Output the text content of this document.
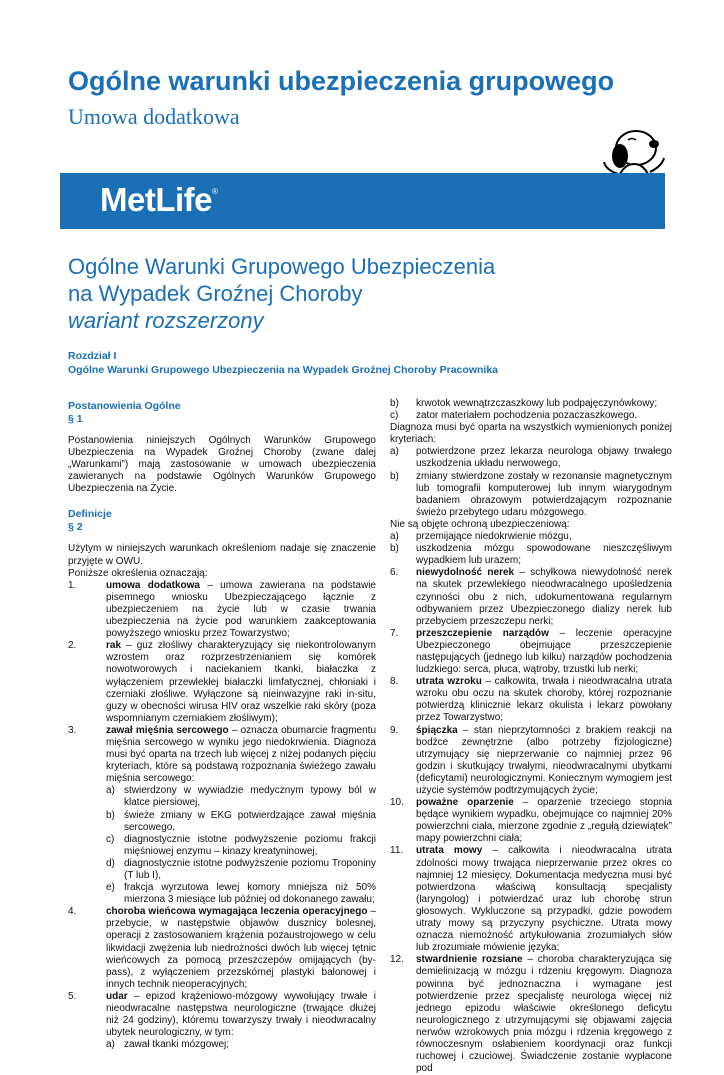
Ogólne warunki ubezpieczenia grupowego
Umowa dodatkowa
MetLife®
Ogólne Warunki Grupowego Ubezpieczenia
na Wypadek Groźnej Choroby
wariant rozszerzony
Rozdział I
Ogólne Warunki Grupowego Ubezpieczenia na Wypadek Groźnej Choroby Pracownika
Postanowienia Ogólne
§ 1

Postanowienia niniejszych Ogólnych Warunków Grupowego Ubezpieczenia na Wypadek Groźnej Choroby (zwane dalej „Warunkami”) mają zastosowanie w umowach ubezpieczenia zawieranych na podstawie Ogólnych Warunków Grupowego Ubezpieczenia na Życie.

Definicje
§ 2

Użytym w niniejszych warunkach określeniom nadaje się znaczenie przyjęte w OWU.

Poniższe określenia oznaczają:

1.	umowa dodatkowa – umowa zawierana na podstawie pisemnego wniosku Ubezpieczającego łącznie z ubezpieczeniem na życie lub w czasie trwania ubezpieczenia na życie pod warunkiem zaakceptowania powyższego wniosku przez Towarzystwo;
2.	rak – guz złośliwy charakteryzujący się niekontrolowanym wzrostem oraz rozprzestrzenianiem się komórek nowotworowych i naciekaniem tkanki, białaczka z wyłączeniem przewlekłej białaczki limfatycznej, chłoniaki i czerniaki złośliwe. Wyłączone są nieinwazyjne raki in-situ, guzy w obecności wirusa HIV oraz wszelkie raki skóry (poza wspomnianym czerniakiem złośliwym);
3.	zawał mięśnia sercowego – oznacza obumarcie fragmentu mięśnia sercowego w wyniku jego niedokrwienia. Diagnoza musi być oparta na trzech lub więcej z niżej podanych pięciu kryteriach, które są podstawą rozpoznania świeżego zawału mięśnia sercowego:
a) stwierdzony w wywiadzie medycznym typowy ból w klatce piersiowej,
b) świeże zmiany w EKG potwierdzające zawał mięśnia sercowego,
c) diagnostycznie istotne podwyższenie poziomu frakcji mięśniowej enzymu – kinazy kreatyninowej,
d) diagnostycznie istotne podwyższenie poziomu Troponiny (T lub I),
e) frakcja wyrzutowa lewej komory mniejsza niż 50% mierzona 3 miesiące lub później od dokonanego zawału;
4.	choroba wieńcowa wymagająca leczenia operacyjnego – przebycie, w następstwie objawów dusznicy bolesnej, operacji z zastosowaniem krążenia pozaustrojowego w celu likwidacji zwężenia lub niedrożności dwóch lub więcej tętnic wieńcowych za pomocą przeszczepów omijających (by-pass), z wyłączeniem przezskórnej plastyki balonowej i innych technik nieoperacyjnych;
5.	udar – epizod krążeniowo-mózgowy wywołujący trwałe i nieodwracalne następstwa neurologiczne (trwające dłużej niż 24 godziny), któremu towarzyszy trwały i nieodwracalny ubytek neurologiczny, w tym:
a) zawał tkanki mózgowej;
b)	krwotok wewnątrzczaszkowy lub podpajęczynówkowy;
c)	zator materiałem pochodzenia pozaczaszkowego.

Diagnoza musi być oparta na wszystkich wymienionych poniżej kryteriach:

a)	potwierdzone przez lekarza neurologa objawy trwałego uszkodzenia układu nerwowego,
b)	zmiany stwierdzone zostały w rezonansie magnetycznym lub tomografii komputerowej lub innym wiarygodnym badaniem obrazowym potwierdzającym rozpoznanie świeżo przebytego udaru mózgowego.

Nie są objęte ochroną ubezpieczeniową:

a)	przemijające niedokrwienie mózgu,
b)	uszkodzenia mózgu spowodowane nieszczęśliwym wypadkiem lub urazem;
6.	niewydolność nerek – schyłkowa niewydolność nerek na skutek przewlekłego nieodwracalnego upośledzenia czynności obu z nich, udokumentowana regularnym odbywaniem przez Ubezpieczonego dializy nerek lub przebyciem przeszczepu nerki;
7.	przeszczepienie narządów – leczenie operacyjne Ubezpieczonego obejmujące przeszczepienie następujących (jednego lub kilku) narządów pochodzenia ludzkiego: serca, płuca, wątroby, trzustki lub nerki;
8.	utrata wzroku – całkowita, trwała i nieodwracalna utrata wzroku obu oczu na skutek choroby, której rozpoznanie potwierdzą klinicznie lekarz okulista i lekarz powołany przez Towarzystwo;
9.	śpiączka – stan nieprzytomności z brakiem reakcji na bodźce zewnętrzne (albo potrzeby fizjologiczne) utrzymujący się nieprzerwanie co najmniej przez 96 godzin i skutkujący trwałymi, nieodwracalnymi ubytkami (deficytami) neurologicznymi. Koniecznym wymogiem jest użycie systemów podtrzymujących życie;
10.	poważne oparzenie – oparzenie trzeciego stopnia będące wynikiem wypadku, obejmujące co najmniej 20% powierzchni ciała, mierzone zgodnie z „regułą dziewiątek” mapy powierzchni ciała;
11.	utrata mowy – całkowita i nieodwracalna utrata zdolności mowy trwająca nieprzerwanie przez okres co najmniej 12 miesięcy. Dokumentacja medyczna musi być potwierdzona właściwą konsultacją specjalisty (laryngolog) i potwierdzać uraz lub chorobę strun głosowych. Wykluczone są przypadki, gdzie powodem utraty mowy są przyczyny psychiczne. Utrata mowy oznacza niemożność artykułowania zrozumiałych słów lub zrozumiałe mówienie języka;
12.	stwardnienie rozsiane – choroba charakteryzująca się demielinizacją w mózgu i rdzeniu kręgowym. Diagnoza powinna być jednoznaczna i wymagane jest potwierdzenie przez specjalistę neurologa więcej niż jednego epizodu właściwie określonego deficytu neurologicznego z utrzymującymi się objawami zajęcia nerwów wzrokowych pnia mózgu i rdzenia kręgowego z równoczesnym osłabieniem koordynacji oraz funkcji ruchowej i czuciowej. Świadczenie zostanie wypłacone pod
